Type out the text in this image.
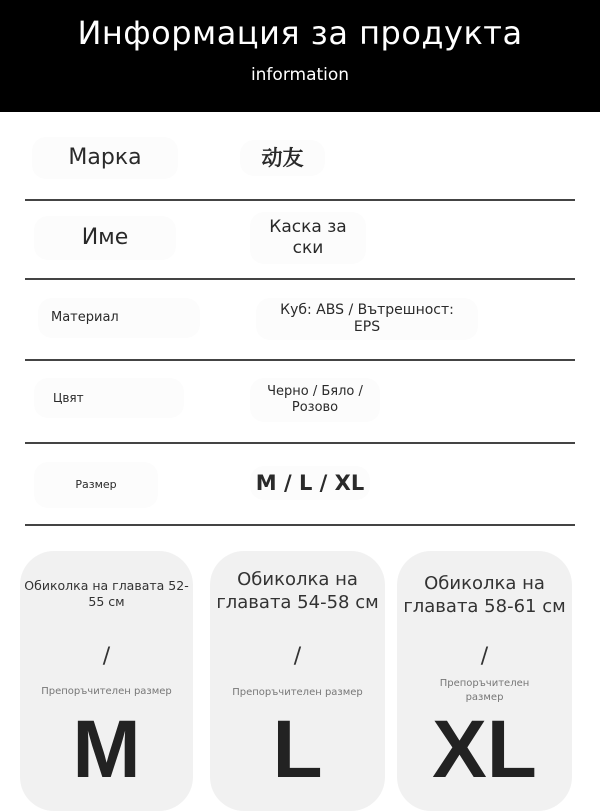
Информация за продукта
information
Марка	动友
Име	Каска за ски
Материал	Куб: ABS / Вътрешност: EPS
Цвят	Черно / Бяло / Розово
Размер	M / L / XL
Обиколка на главата 52-55 см
/
Препоръчителен размер
M
Обиколка на главата 54-58 см
/
Препоръчителен размер
L
Обиколка на главата 58-61 см
/
Препоръчителен размер
XL
